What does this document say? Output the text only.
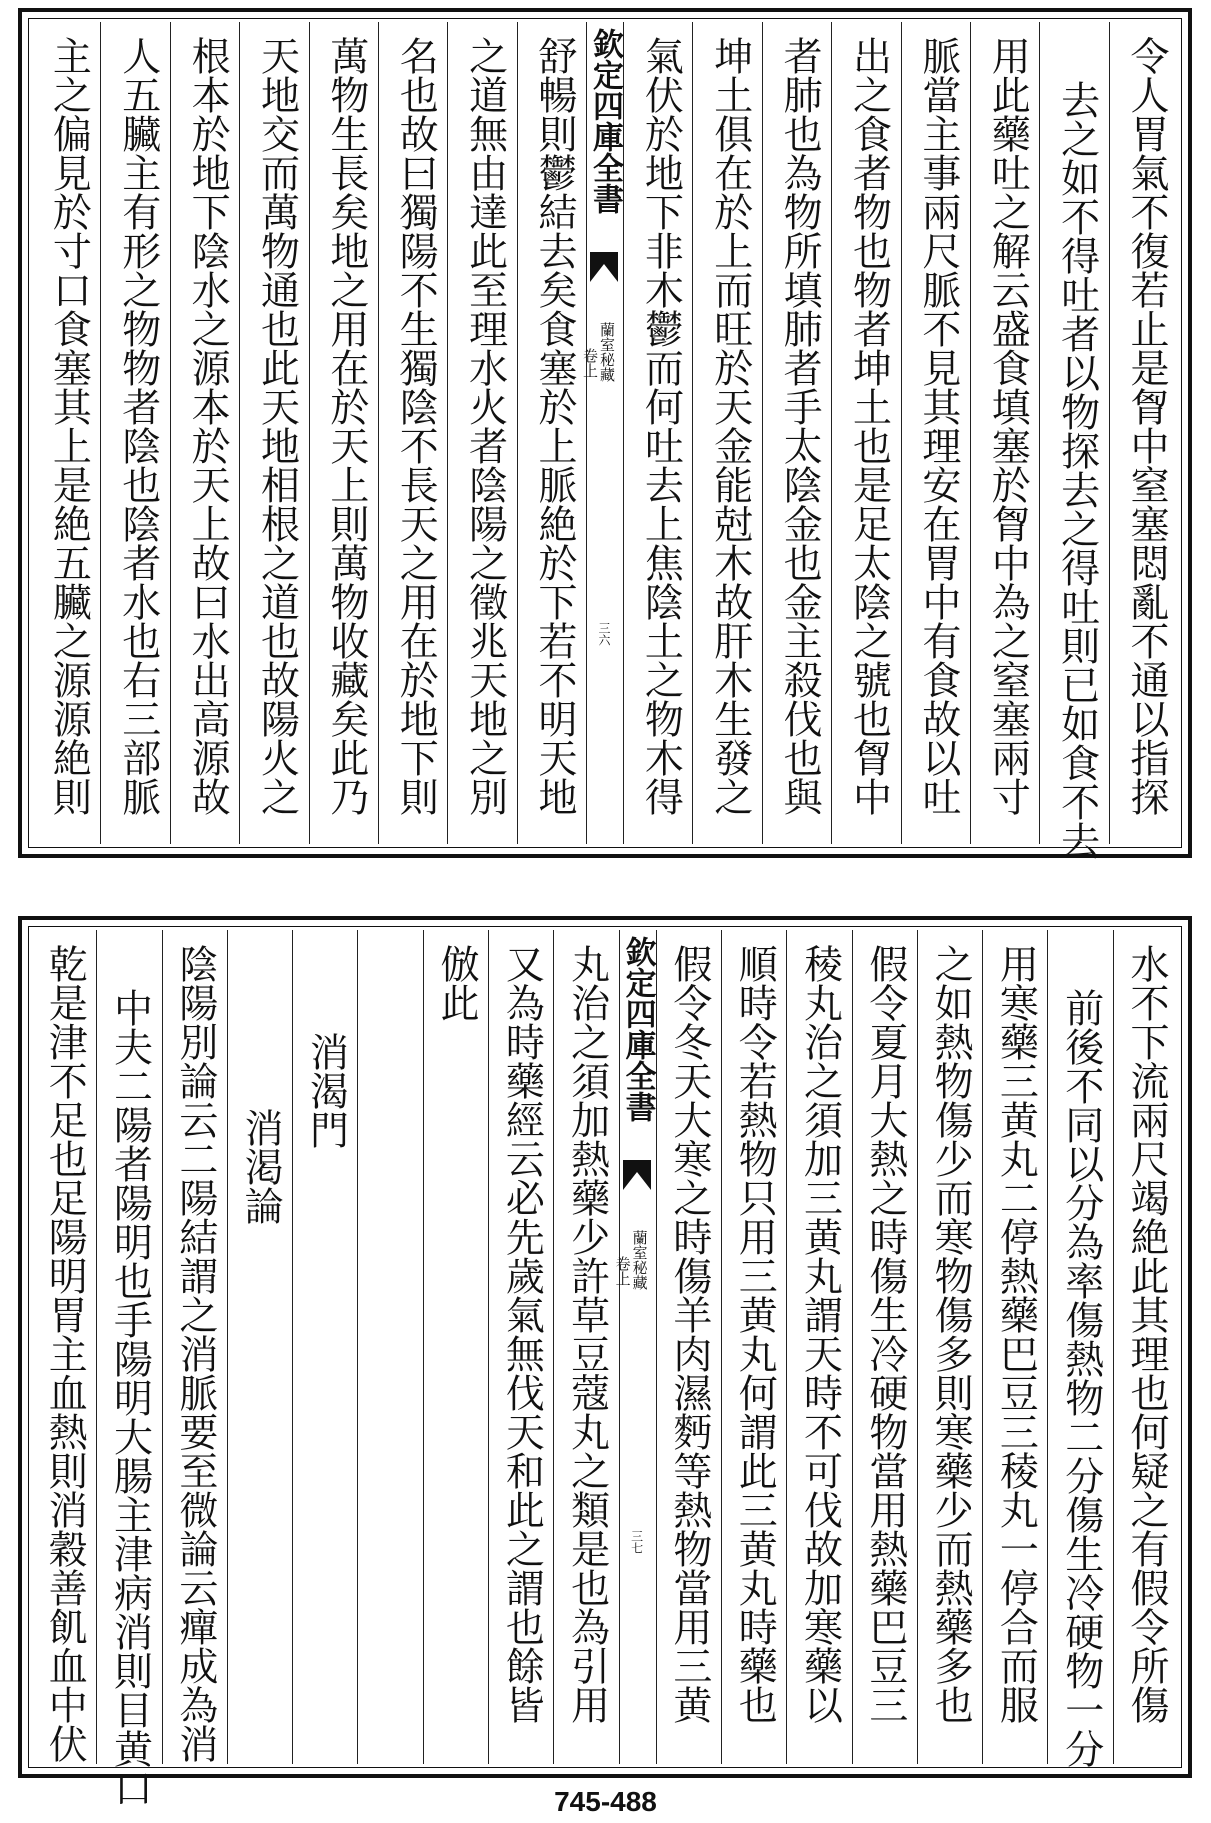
令人胃氣不復若止是胷中窒塞悶亂不通以指探
去之如不得吐者以物探去之得吐則已如食不去
用此藥吐之解云盛食填塞於胷中為之窒塞兩寸
脈當主事兩尺脈不見其理安在胃中有食故以吐
出之食者物也物者坤土也是足太陰之號也胷中
者肺也為物所填肺者手太陰金也金主殺伐也與
坤土俱在於上而旺於天金能尅木故肝木生發之
氣伏於地下非木鬱而何吐去上焦陰土之物木得
欽定四庫全書
蘭室秘藏
卷上
三六
舒暢則鬱結去矣食塞於上脈絶於下若不明天地
之道無由達此至理水火者陰陽之徵兆天地之別
名也故曰獨陽不生獨陰不長天之用在於地下則
萬物生長矣地之用在於天上則萬物收藏矣此乃
天地交而萬物通也此天地相根之道也故陽火之
根本於地下陰水之源本於天上故曰水出高源故
人五臟主有形之物物者陰也陰者水也右三部脈
主之偏見於寸口食塞其上是絶五臟之源源絶則
水不下流兩尺竭絶此其理也何疑之有假令所傷
前後不同以分為率傷熱物二分傷生冷硬物一分
用寒藥三黄丸二停熱藥巴豆三稜丸一停合而服
之如熱物傷少而寒物傷多則寒藥少而熱藥多也
假令夏月大熱之時傷生冷硬物當用熱藥巴豆三
稜丸治之須加三黄丸謂天時不可伐故加寒藥以
順時令若熱物只用三黄丸何謂此三黄丸時藥也
假令冬天大寒之時傷羊肉濕麪等熱物當用三黄
欽定四庫全書
蘭室秘藏
卷上
三七
丸治之須加熱藥少許草豆蔻丸之類是也為引用
又為時藥經云必先歲氣無伐天和此之謂也餘皆
倣此
消渴門
消渇論
陰陽別論云二陽結謂之消脈要至微論云癉成為消
中夫二陽者陽明也手陽明大腸主津病消則目黄口
乾是津不足也足陽明胃主血熱則消穀善飢血中伏
745-488
